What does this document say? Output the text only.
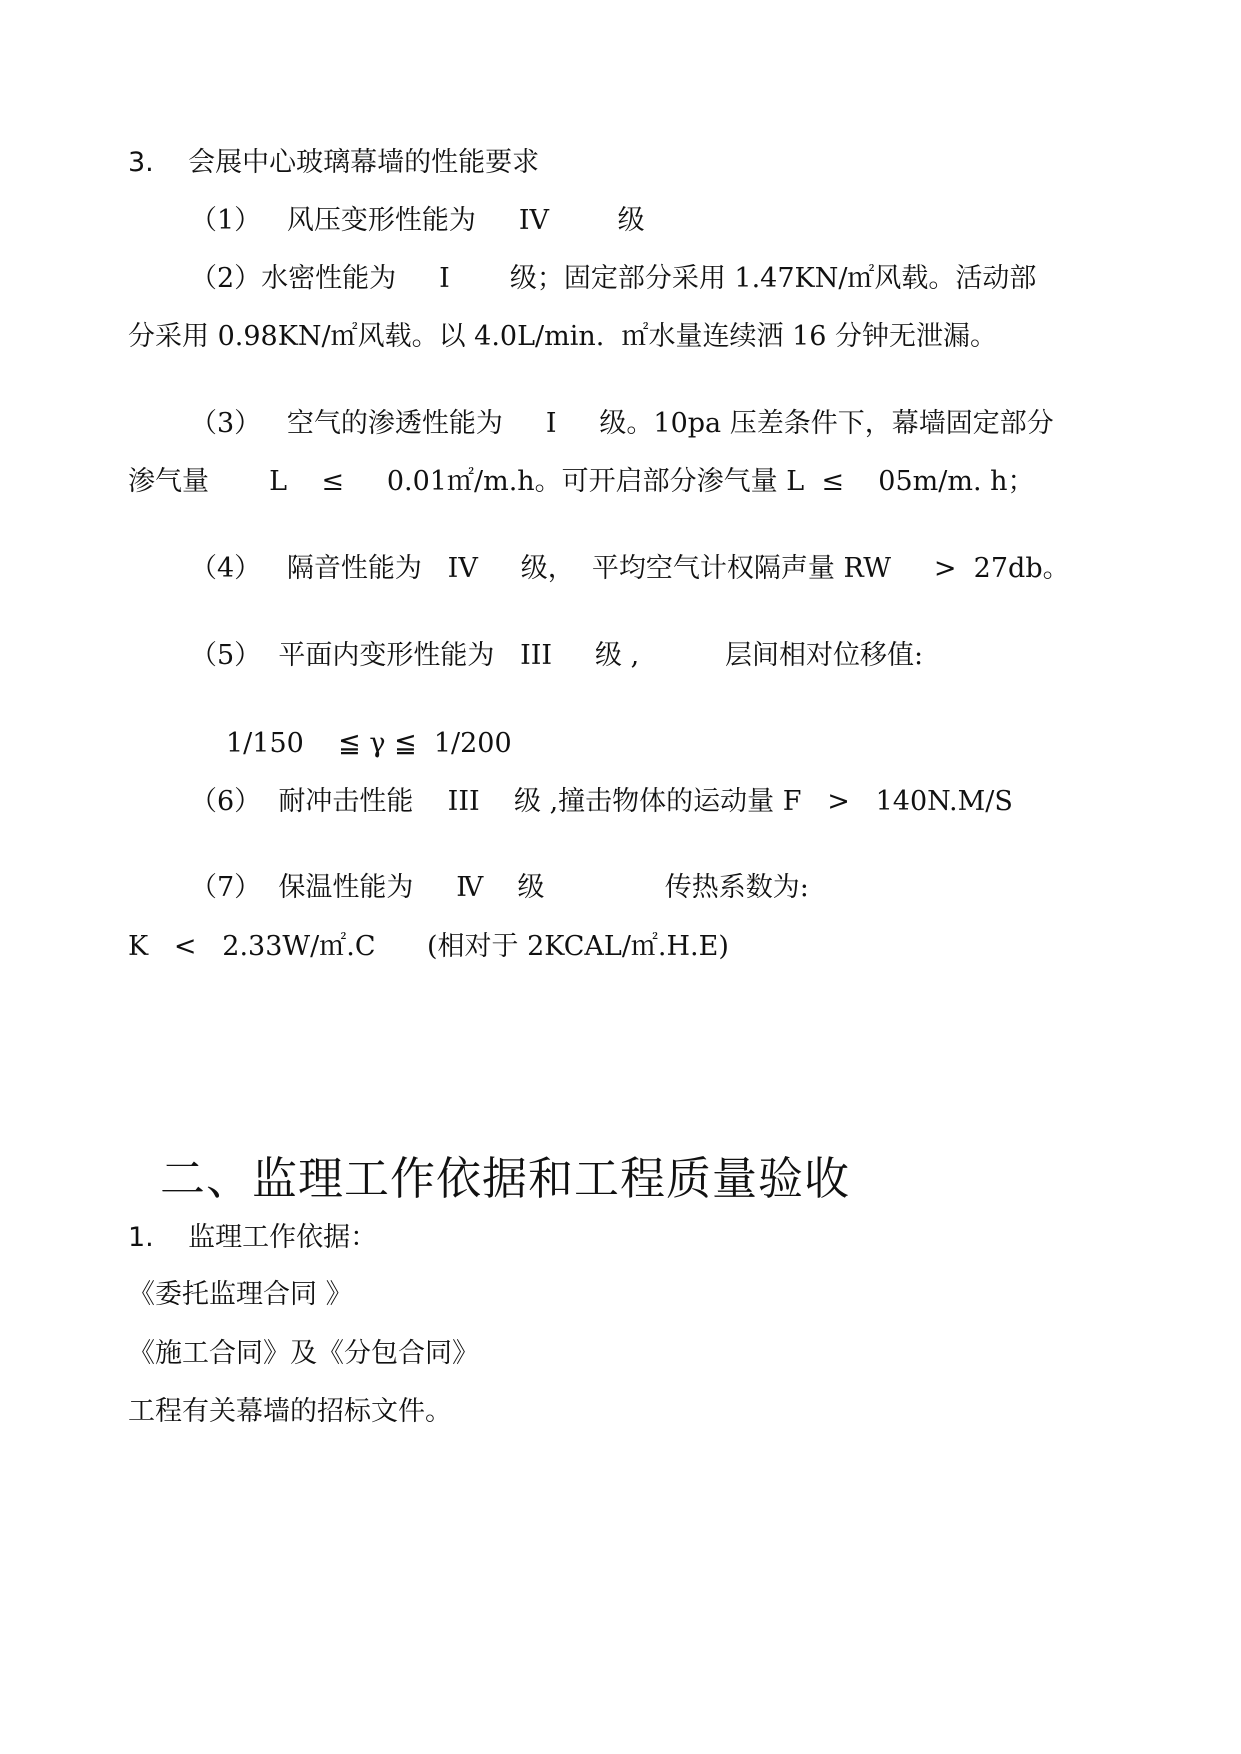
3.    会展中心玻璃幕墙的性能要求
（1）   风压变形性能为     IV        级
（2）水密性能为     I       级；固定部分采用 1.47KN/㎡风载。活动部
分采用 0.98KN/㎡风载。以 4.0L/min.  ㎡水量连续洒 16 分钟无泄漏。
（3）   空气的渗透性能为     I     级。10pa 压差条件下，幕墙固定部分
渗气量       L    ≤     0.01㎡/m.h。可开启部分渗气量 L  ≤    05m/m. h；
（4）   隔音性能为   IV     级，  平均空气计权隔声量 RW     >  27db。
（5）  平面内变形性能为   III     级 ,          层间相对位移值:
1/150    ≦ γ ≦  1/200
（6）  耐冲击性能    III    级 ,撞击物体的运动量 F   >   140N.M/S
（7）  保温性能为     Ⅳ    级              传热系数为:
K   <   2.33W/㎡.C      (相对于 2KCAL/㎡.H.E)
二、监理工作依据和工程质量验收
1.    监理工作依据：
《委托监理合同 》
《施工合同》及《分包合同》
工程有关幕墙的招标文件。
